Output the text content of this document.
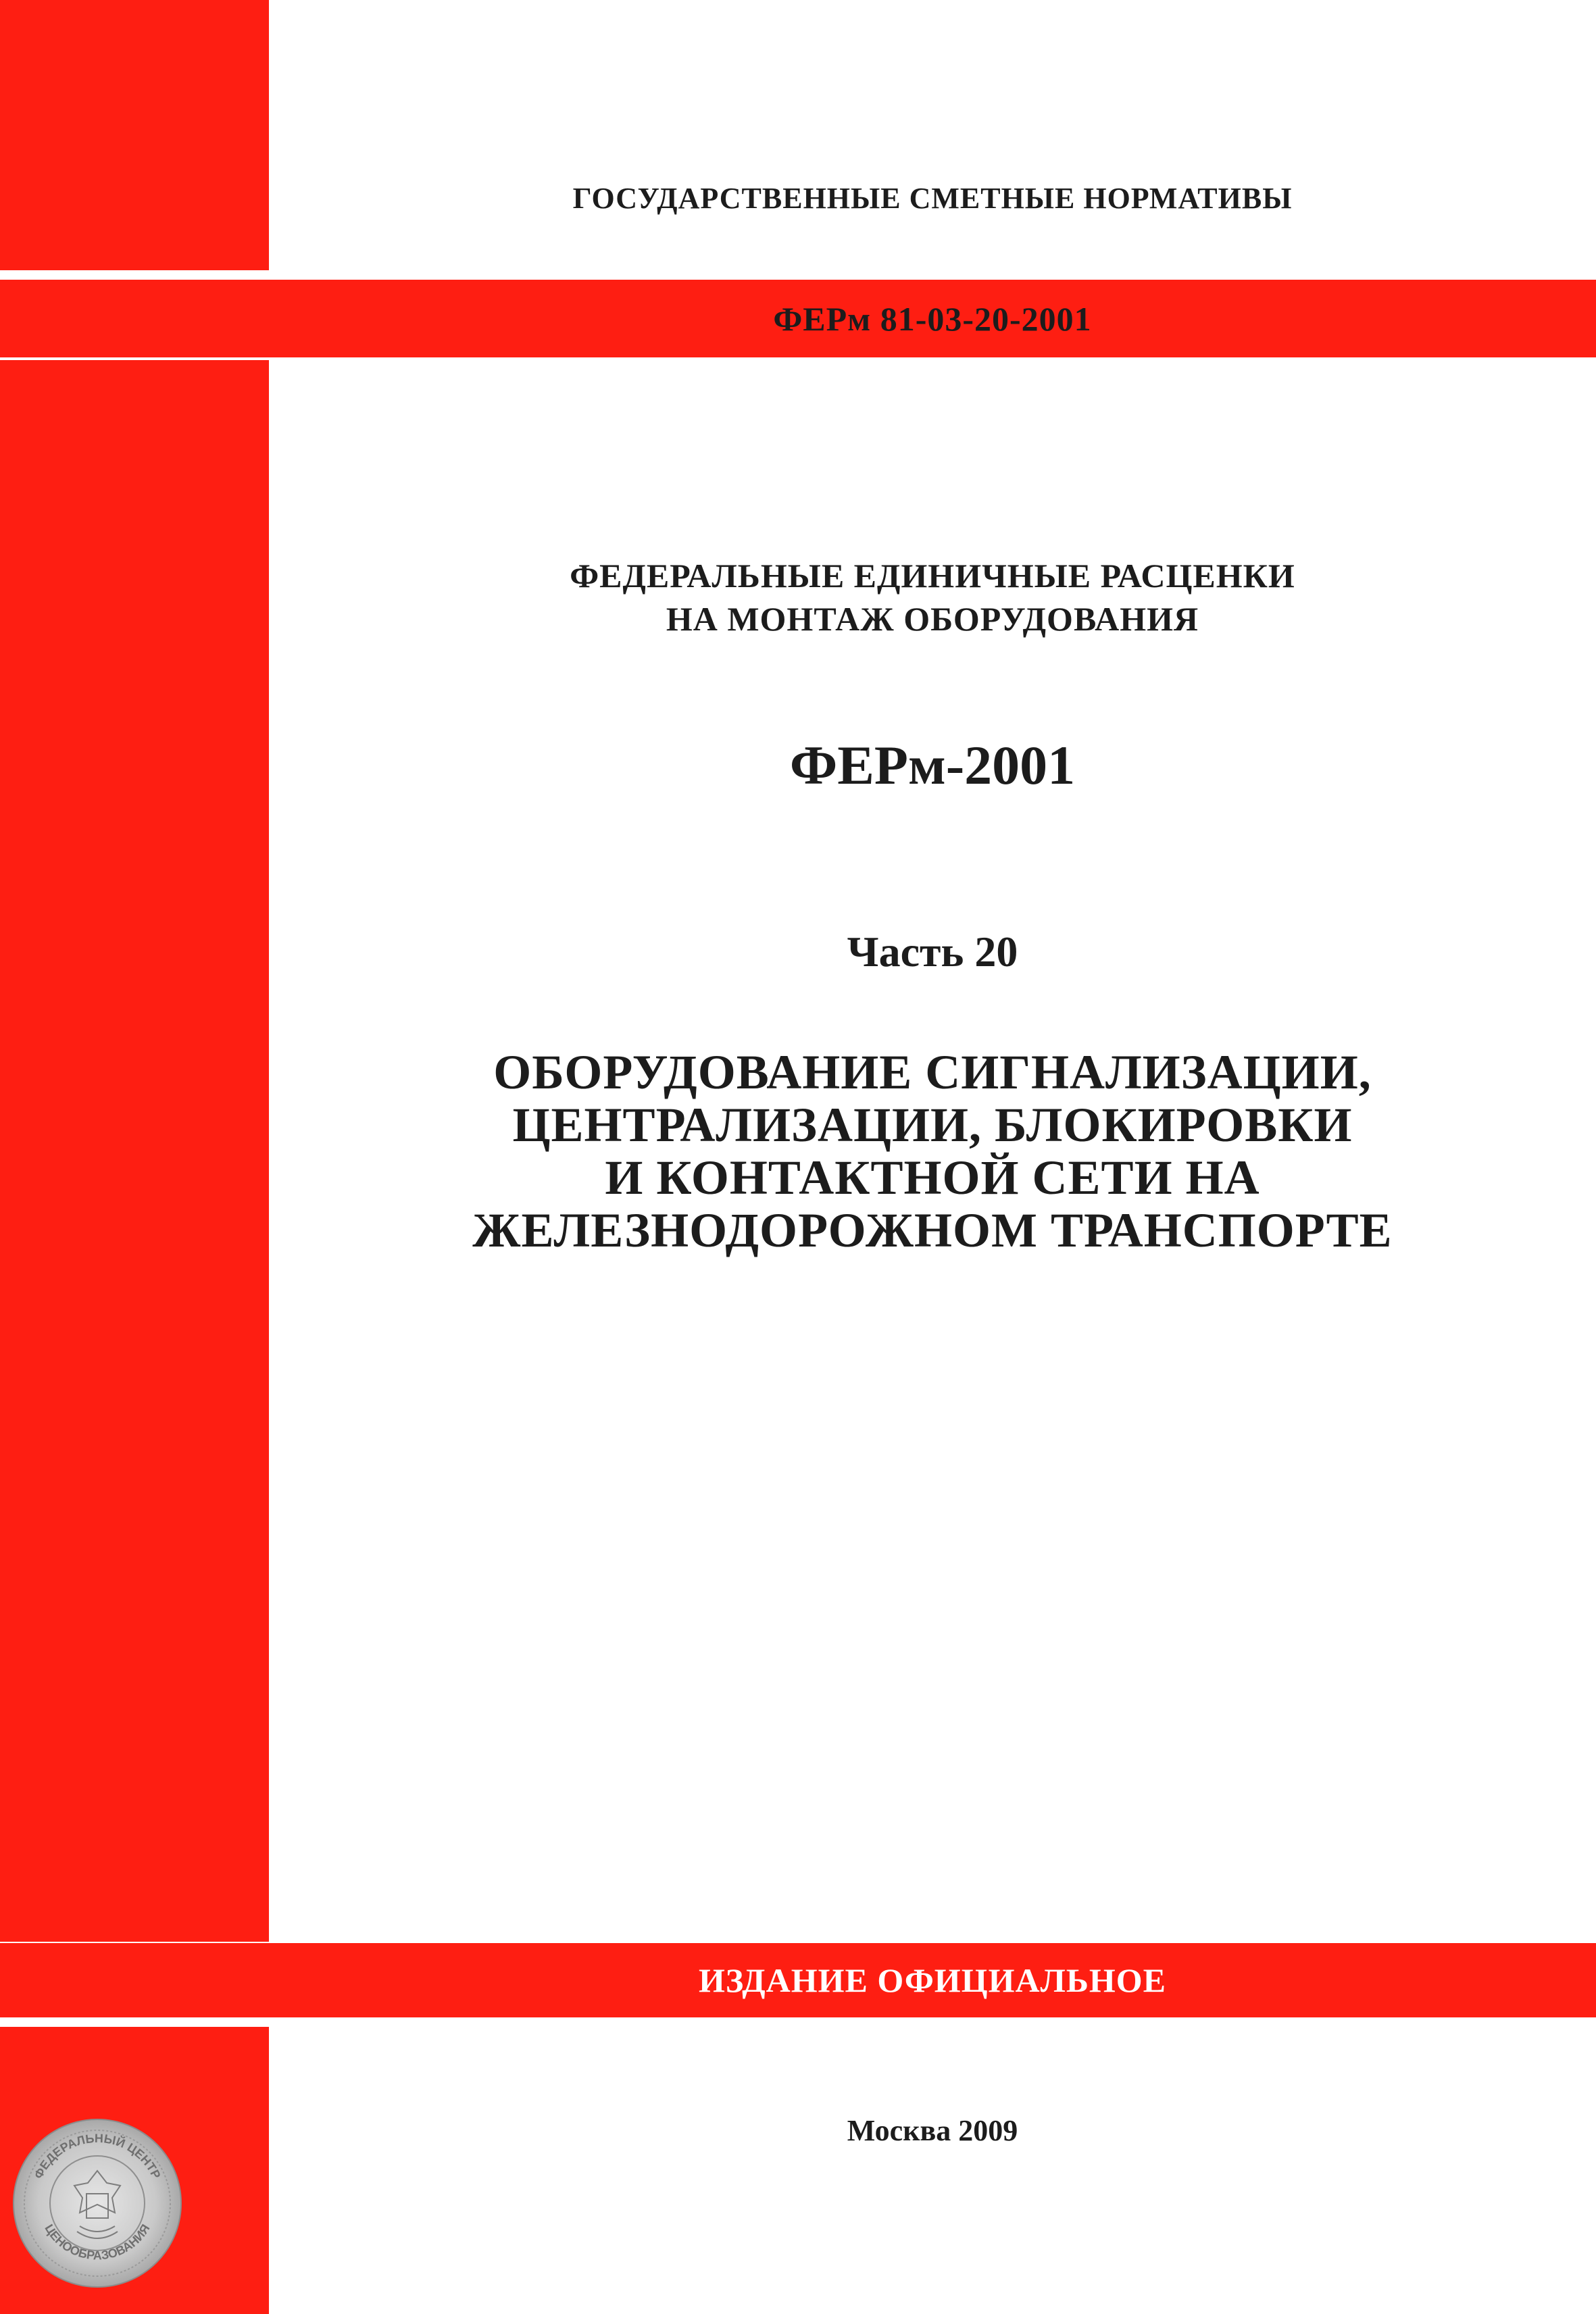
ГОСУДАРСТВЕННЫЕ СМЕТНЫЕ НОРМАТИВЫ
ФЕРм 81-03-20-2001
ФЕДЕРАЛЬНЫЕ ЕДИНИЧНЫЕ РАСЦЕНКИ
НА МОНТАЖ ОБОРУДОВАНИЯ
ФЕРм-2001
Часть 20
ОБОРУДОВАНИЕ СИГНАЛИЗАЦИИ,
ЦЕНТРАЛИЗАЦИИ, БЛОКИРОВКИ
И КОНТАКТНОЙ СЕТИ НА
ЖЕЛЕЗНОДОРОЖНОМ ТРАНСПОРТЕ
ИЗДАНИЕ ОФИЦИАЛЬНОЕ
Москва 2009
ФЕДЕРАЛЬНЫЙ ЦЕНТР
ЦЕНООБРАЗОВАНИЯ
